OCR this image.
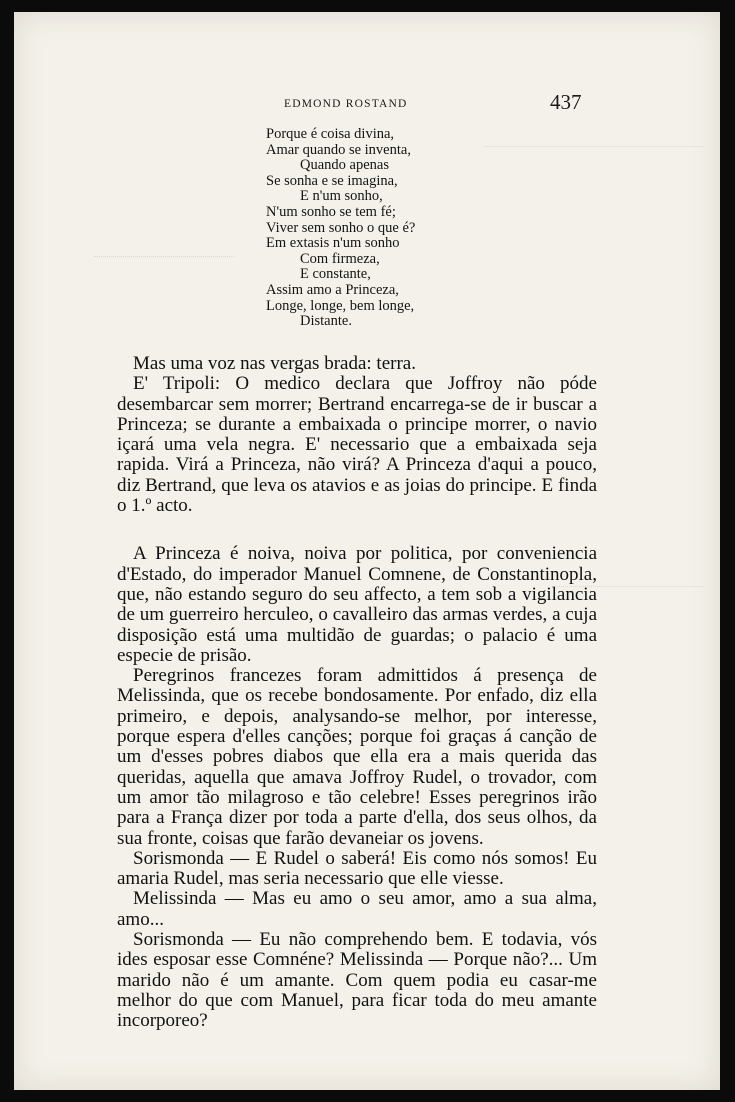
EDMOND ROSTAND	437
Porque é coisa divina,
Amar quando se inventa,
Quando apenas
Se sonha e se imagina,
E n'um sonho,
N'um sonho se tem fé;
Viver sem sonho o que é?
Em extasis n'um sonho
Com firmeza,
E constante,
Assim amo a Princeza,
Longe, longe, bem longe,
Distante.

Mas uma voz nas vergas brada: terra.

E' Tripoli: O medico declara que Joffroy não póde desembarcar sem morrer; Bertrand encarrega-se de ir buscar a Princeza; se durante a embaixada o principe morrer, o navio içará uma vela negra. E' necessario que a embaixada seja rapida. Virá a Princeza, não virá? A Princeza d'aqui a pouco, diz Bertrand, que leva os atavios e as joias do principe. E finda o 1.º acto.

A Princeza é noiva, noiva por politica, por conveniencia d'Estado, do imperador Manuel Comnene, de Constantinopla, que, não estando seguro do seu affecto, a tem sob a vigilancia de um guerreiro herculeo, o cavalleiro das armas verdes, a cuja disposição está uma multidão de guardas; o palacio é uma especie de prisão.

Peregrinos francezes foram admittidos á presença de Melissinda, que os recebe bondosamente. Por enfado, diz ella primeiro, e depois, analysando-se melhor, por interesse, porque espera d'elles canções; porque foi graças á canção de um d'esses pobres diabos que ella era a mais querida das queridas, aquella que amava Joffroy Rudel, o trovador, com um amor tão milagroso e tão celebre! Esses peregrinos irão para a França dizer por toda a parte d'ella, dos seus olhos, da sua fronte, coisas que farão devaneiar os jovens.

Sorismonda — E Rudel o saberá! Eis como nós somos! Eu amaria Rudel, mas seria necessario que elle viesse.

Melissinda — Mas eu amo o seu amor, amo a sua alma, amo...

Sorismonda — Eu não comprehendo bem. E todavia, vós ides esposar esse Comnéne? Melissinda — Porque não?... Um marido não é um amante. Com quem podia eu casar-me melhor do que com Manuel, para ficar toda do meu amante incorporeo?
